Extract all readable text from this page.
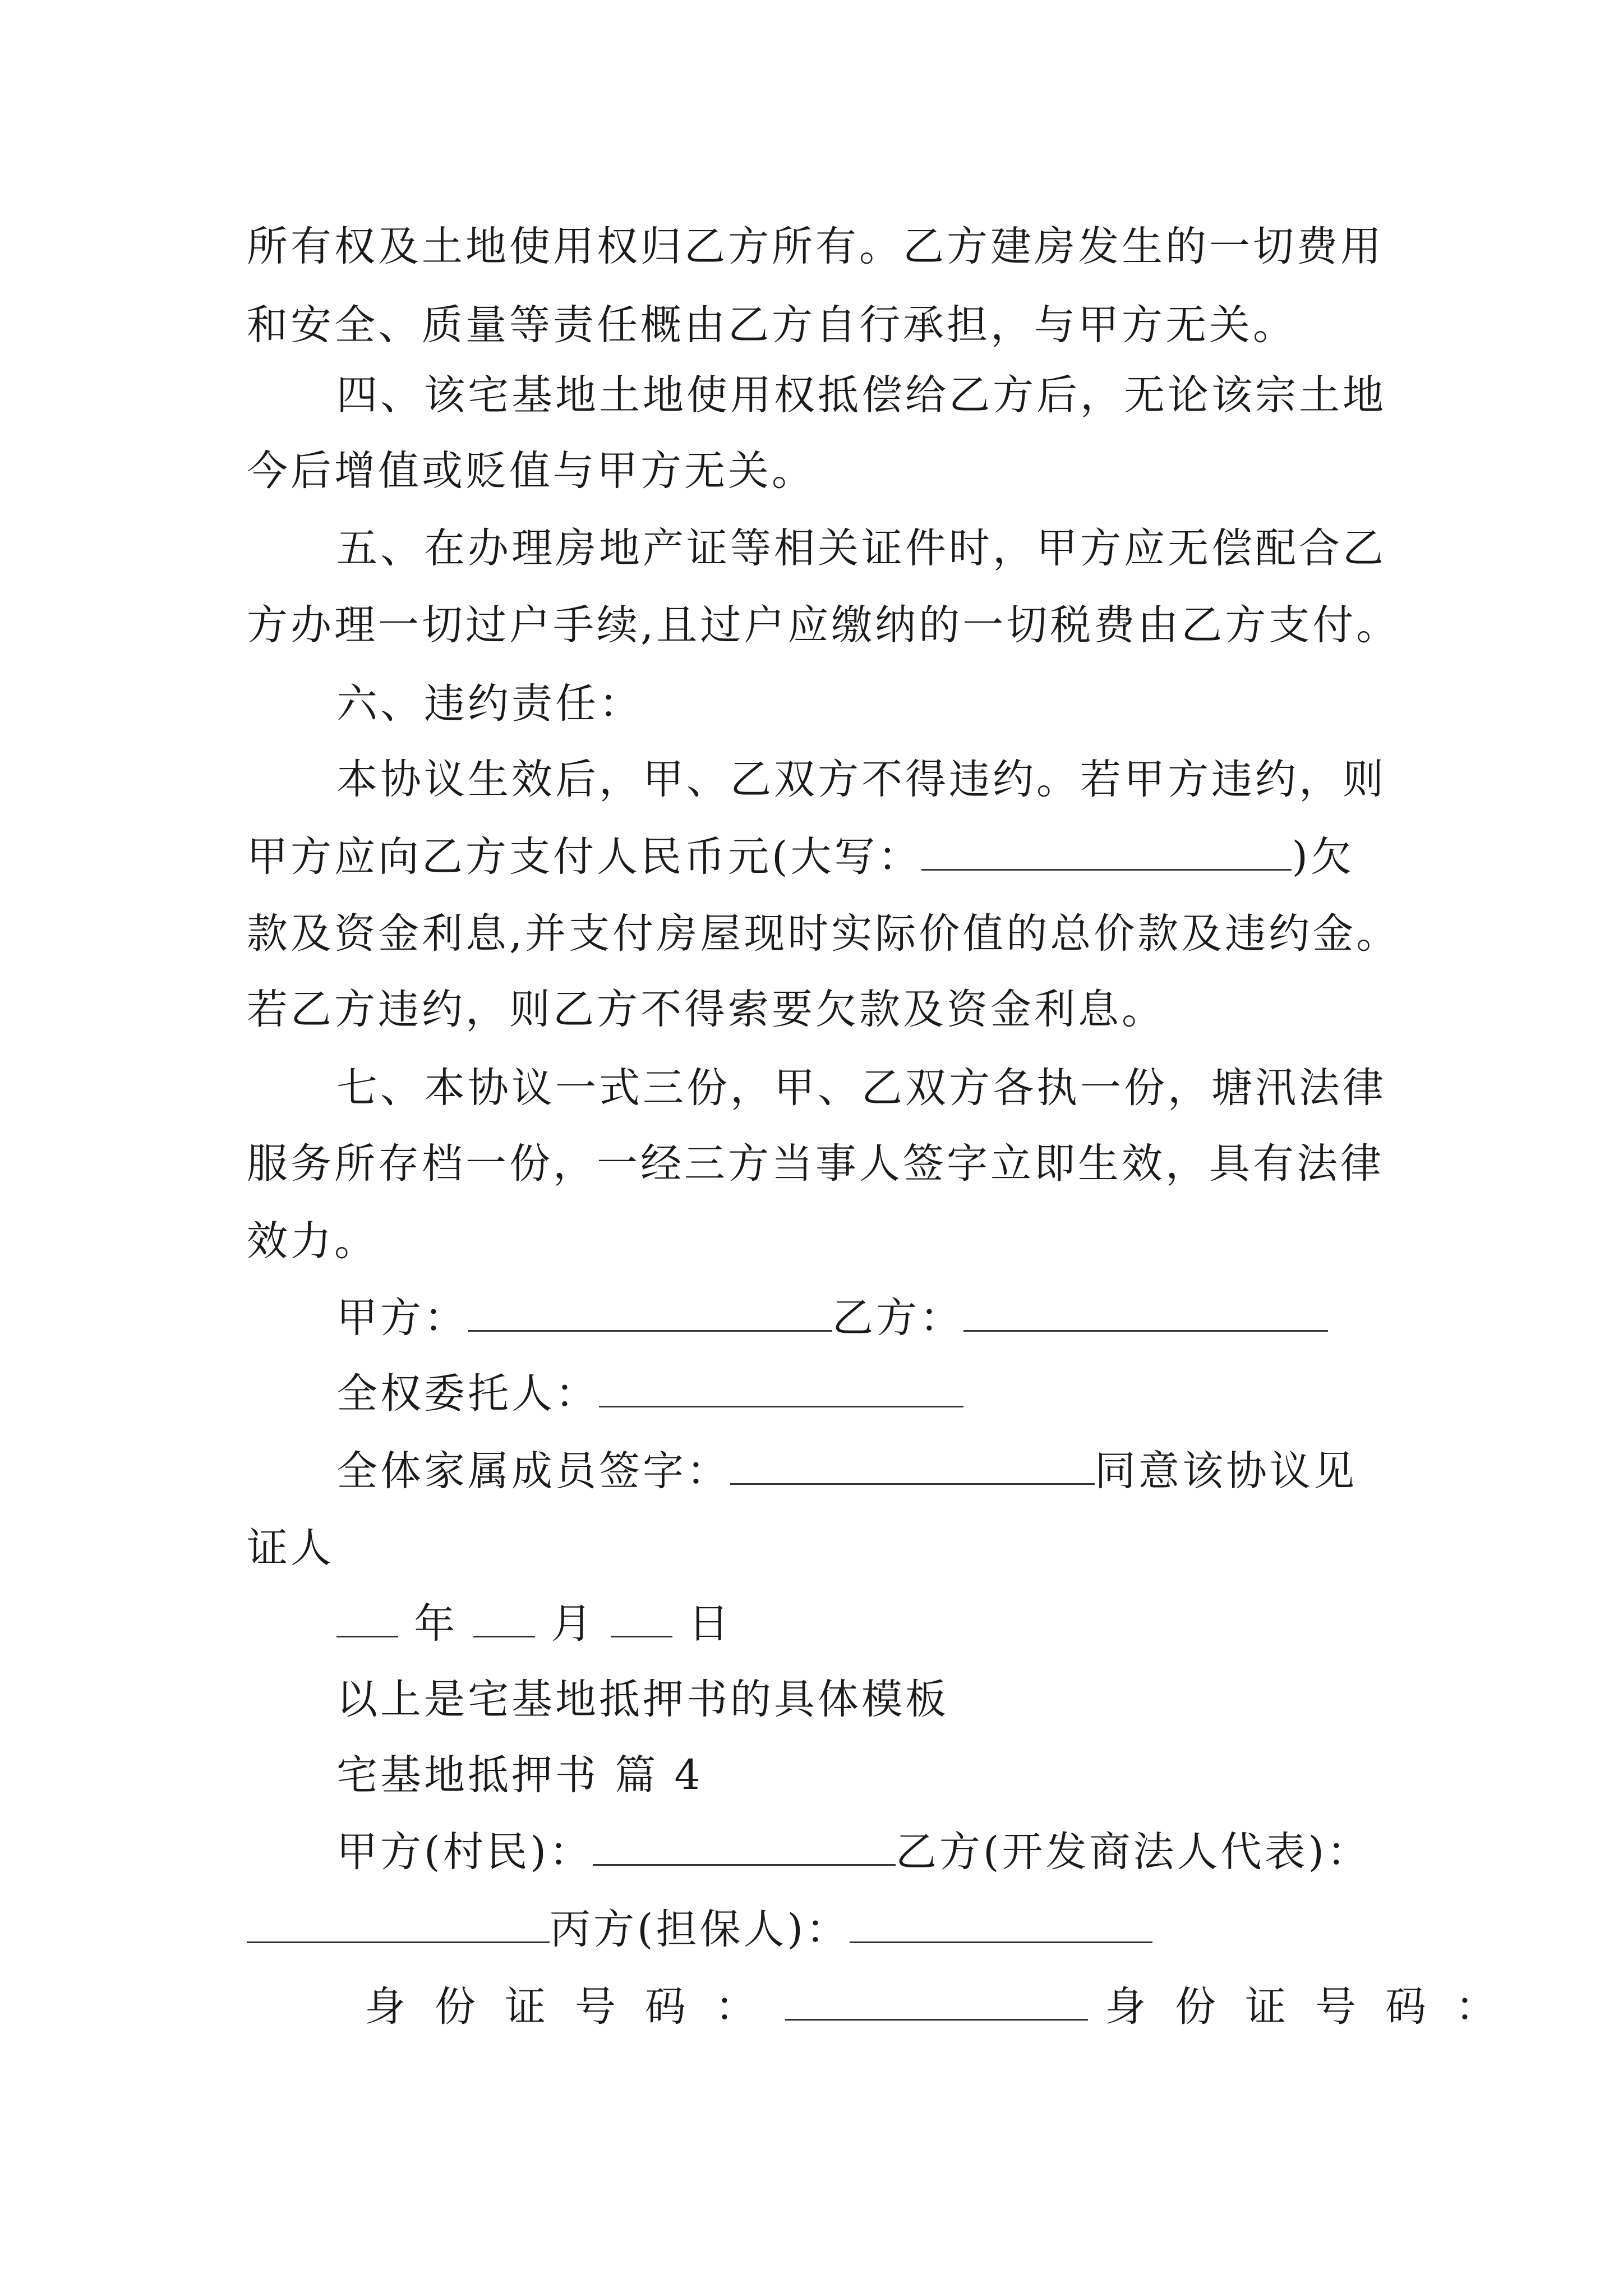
所有权及土地使用权归乙方所有。乙方建房发生的一切费用
和安全、质量等责任概由乙方自行承担，与甲方无关。
四、该宅基地土地使用权抵偿给乙方后，无论该宗土地
今后增值或贬值与甲方无关。
五、在办理房地产证等相关证件时，甲方应无偿配合乙
方办理一切过户手续,且过户应缴纳的一切税费由乙方支付。
六、违约责任：
本协议生效后，甲、乙双方不得违约。若甲方违约，则
甲方应向乙方支付人民币元(大写：	)欠
款及资金利息,并支付房屋现时实际价值的总价款及违约金。
若乙方违约，则乙方不得索要欠款及资金利息。
七、本协议一式三份，甲、乙双方各执一份，塘汛法律
服务所存档一份，一经三方当事人签字立即生效，具有法律
效力。
甲方：	乙方：
全权委托人：
全体家属成员签字：	同意该协议见
证人
年 月 日
以上是宅基地抵押书的具体模板
宅基地抵押书 篇 4
甲方(村民)：	乙方(开发商法人代表)：
丙方(担保人)：
身份证号码：	身份证号码：
